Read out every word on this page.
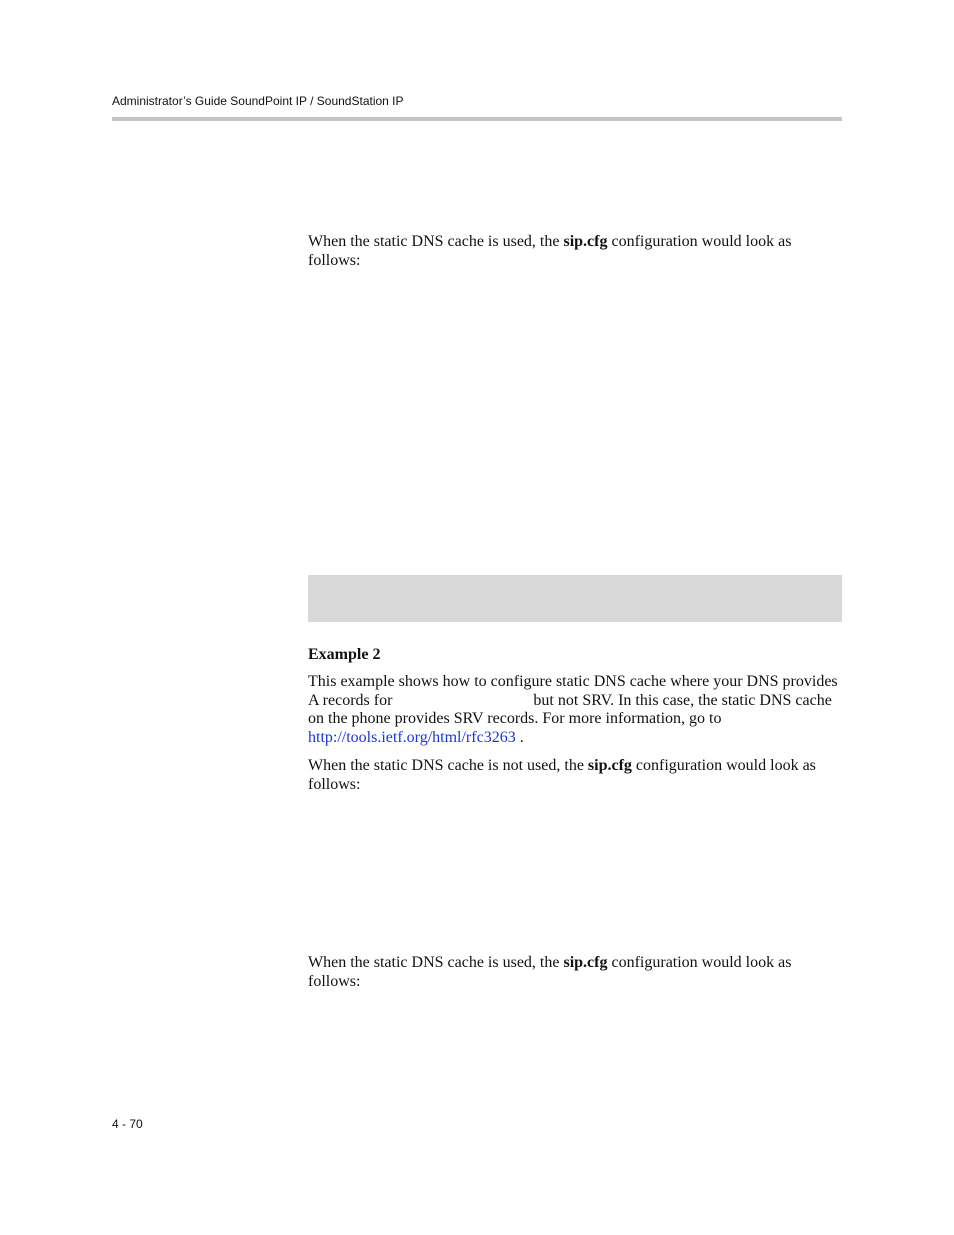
Administrator’s Guide SoundPoint IP / SoundStation IP

When the static DNS cache is used, the sip.cfg configuration would look as follows:

Example 2

This example shows how to configure static DNS cache where your DNS provides A records for	but not SRV. In this case, the static DNS cache on the phone provides SRV records. For more information, go to http://tools.ietf.org/html/rfc3263 .

When the static DNS cache is not used, the sip.cfg configuration would look as follows:

When the static DNS cache is used, the sip.cfg configuration would look as follows:

4 - 70
